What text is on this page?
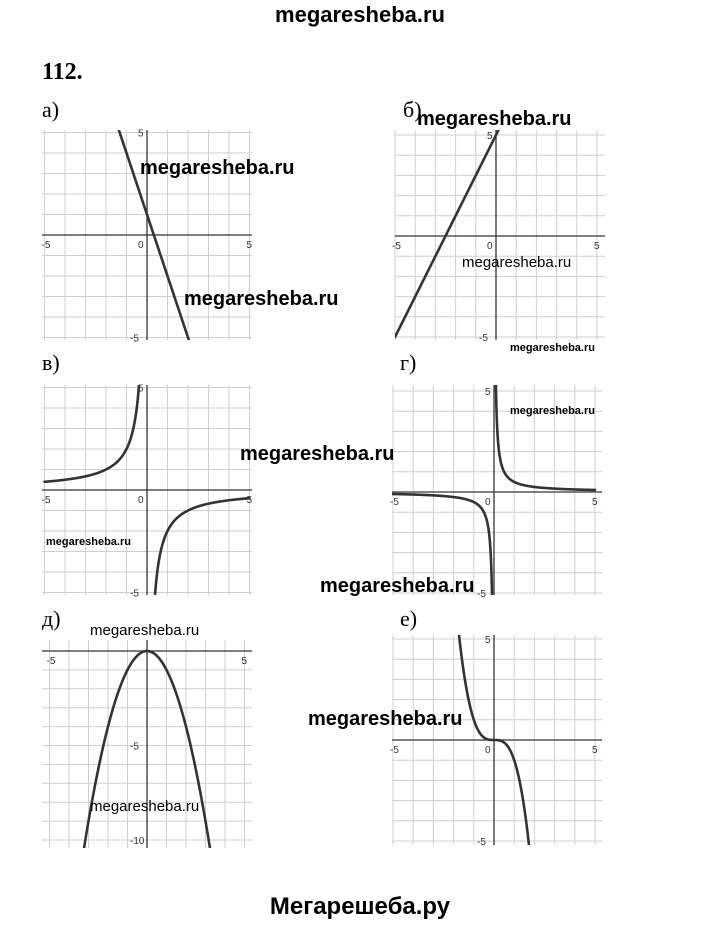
megaresheba.ru
112.
а)	б)
в)	г)
д)	е)
-5	0	5
5
-5
-5	0	5
5
-5
-5	0	5
5
-5
-5	0	5
5
-5
-5	5
-5
-10
-5	0	5
5
-5
megaresheba.ru
megaresheba.ru
megaresheba.ru
megaresheba.ru
megaresheba.ru
megaresheba.ru
megaresheba.ru
megaresheba.ru
megaresheba.ru
megaresheba.ru
megaresheba.ru
megaresheba.ru
Мегарешеба.ру
